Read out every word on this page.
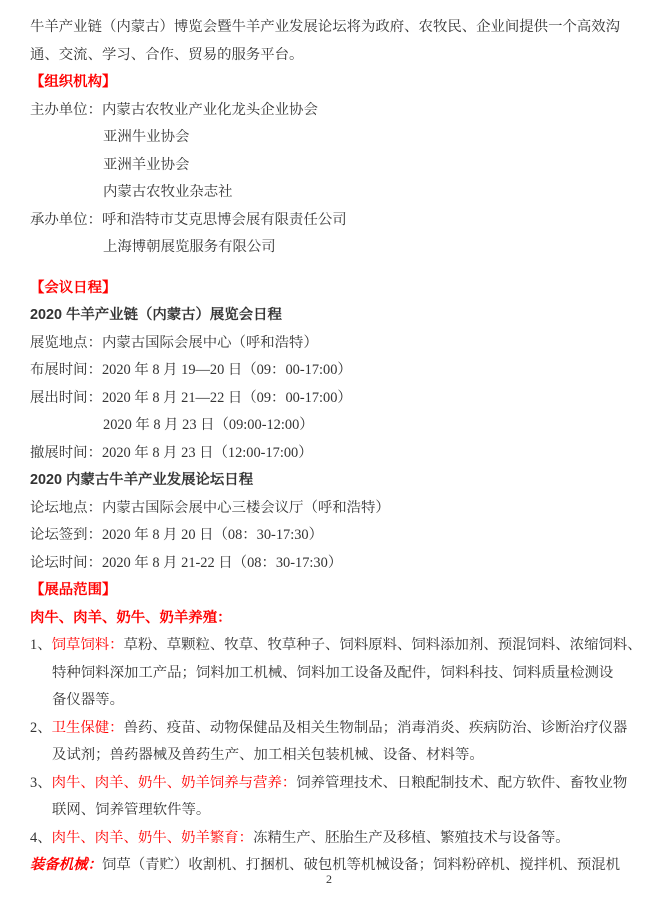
牛羊产业链（内蒙古）博览会暨牛羊产业发展论坛将为政府、农牧民、企业间提供一个高效沟
通、交流、学习、合作、贸易的服务平台。
【组织机构】
主办单位：内蒙古农牧业产业化龙头企业协会
亚洲牛业协会
亚洲羊业协会
内蒙古农牧业杂志社
承办单位：呼和浩特市艾克思博会展有限责任公司
上海博朝展览服务有限公司
【会议日程】
2020 牛羊产业链（内蒙古）展览会日程
展览地点：内蒙古国际会展中心（呼和浩特）
布展时间：2020 年 8 月 19—20 日（09：00-17:00）
展出时间：2020 年 8 月 21—22 日（09：00-17:00）
2020 年 8 月 23 日（09:00-12:00）
撤展时间：2020 年 8 月 23 日（12:00-17:00）
2020 内蒙古牛羊产业发展论坛日程
论坛地点：内蒙古国际会展中心三楼会议厅（呼和浩特）
论坛签到：2020 年 8 月 20 日（08：30-17:30）
论坛时间：2020 年 8 月 21-22 日（08：30-17:30）
【展品范围】
肉牛、肉羊、奶牛、奶羊养殖：
1、饲草饲料：草粉、草颗粒、牧草、牧草种子、饲料原料、饲料添加剂、预混饲料、浓缩饲料、
特种饲料深加工产品；饲料加工机械、饲料加工设备及配件，饲料科技、饲料质量检测设
备仪器等。
2、卫生保健：兽药、疫苗、动物保健品及相关生物制品；消毒消炎、疾病防治、诊断治疗仪器
及试剂；兽药器械及兽药生产、加工相关包装机械、设备、材料等。
3、肉牛、肉羊、奶牛、奶羊饲养与营养：饲养管理技术、日粮配制技术、配方软件、畜牧业物
联网、饲养管理软件等。
4、肉牛、肉羊、奶牛、奶羊繁育：冻精生产、胚胎生产及移植、繁殖技术与设备等。
装备机械：饲草（青贮）收割机、打捆机、破包机等机械设备；饲料粉碎机、搅拌机、预混机
2
